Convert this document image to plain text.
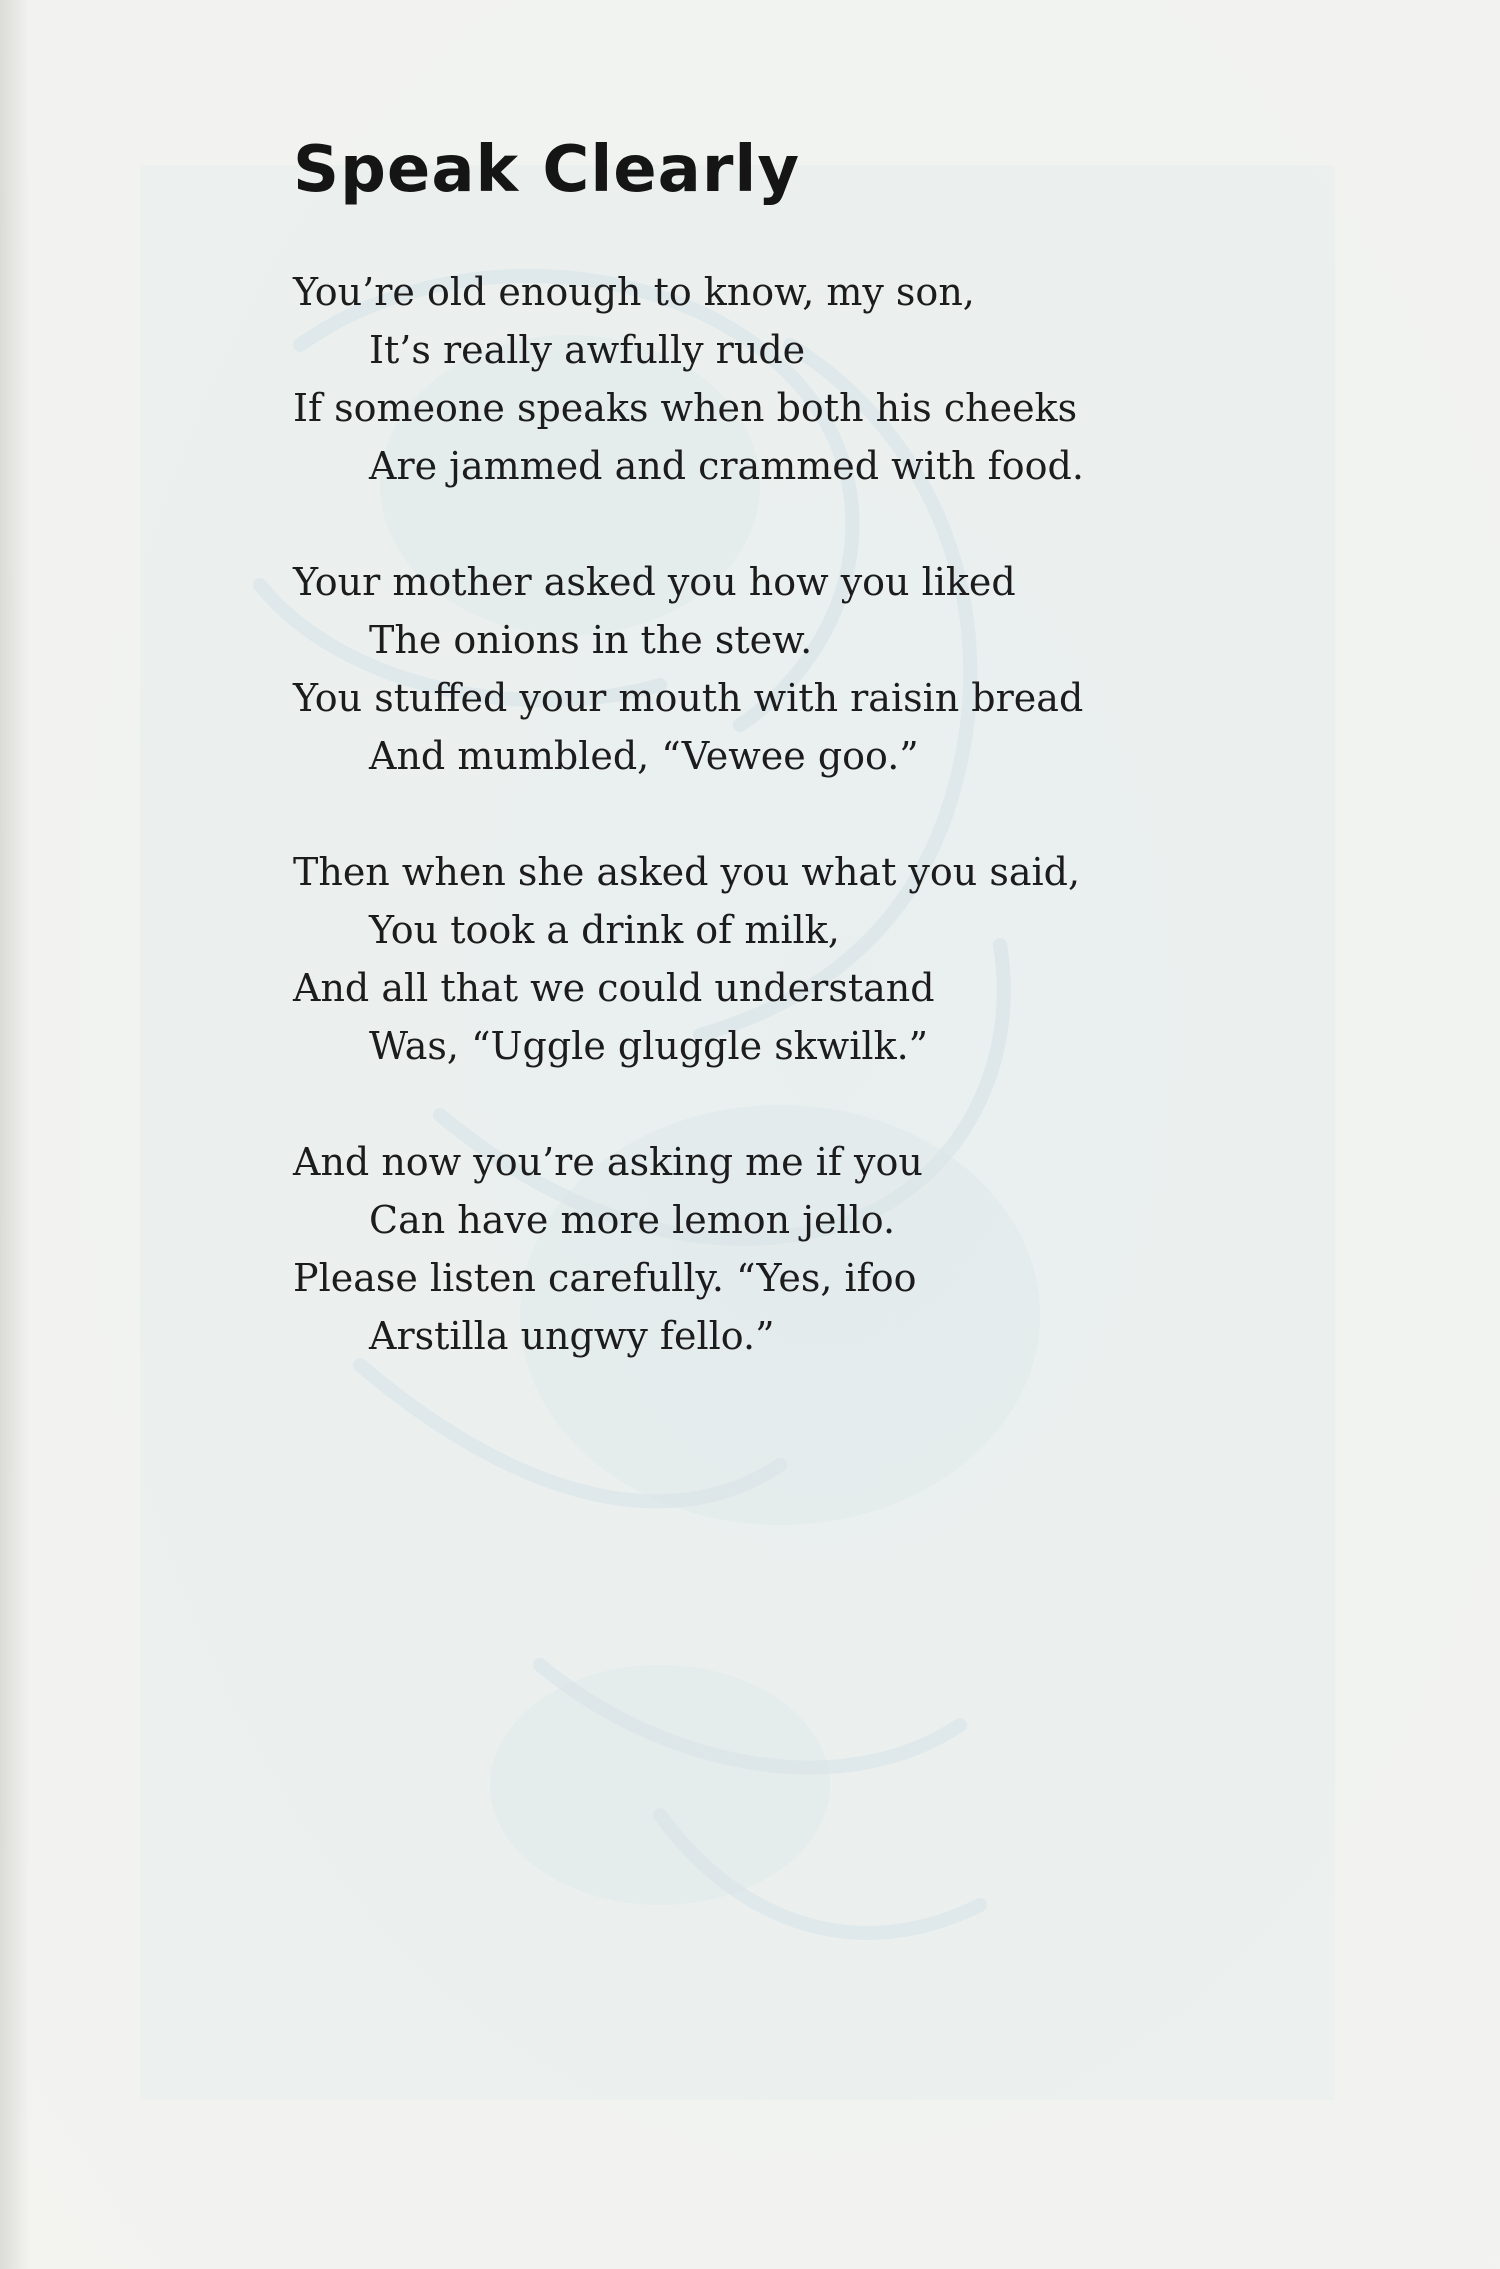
Speak Clearly
You’re old enough to know, my son,
It’s really awfully rude
If someone speaks when both his cheeks
Are jammed and crammed with food.
Your mother asked you how you liked
The onions in the stew.
You stuffed your mouth with raisin bread
And mumbled, “Vewee goo.”
Then when she asked you what you said,
You took a drink of milk,
And all that we could understand
Was, “Uggle gluggle skwilk.”
And now you’re asking me if you
Can have more lemon jello.
Please listen carefully. “Yes, ifoo
Arstilla ungwy fello.”
